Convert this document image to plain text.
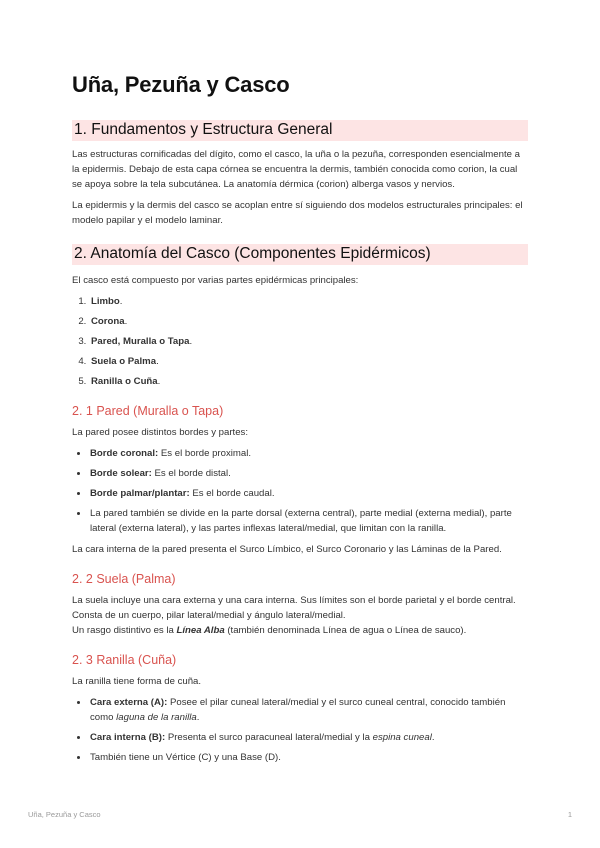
Uña, Pezuña y Casco
1. Fundamentos y Estructura General

Las estructuras cornificadas del dígito, como el casco, la uña o la pezuña, corresponden esencialmente a la epidermis. Debajo de esta capa córnea se encuentra la dermis, también conocida como corion, la cual se apoya sobre la tela subcutánea. La anatomía dérmica (corion) alberga vasos y nervios.

La epidermis y la dermis del casco se acoplan entre sí siguiendo dos modelos estructurales principales: el modelo papilar y el modelo laminar.

2. Anatomía del Casco (Componentes Epidérmicos)

El casco está compuesto por varias partes epidérmicas principales:

1. Limbo.
2. Corona.
3. Pared, Muralla o Tapa.
4. Suela o Palma.
5. Ranilla o Cuña.
2. 1 Pared (Muralla o Tapa)

La pared posee distintos bordes y partes:

• Borde coronal: Es el borde proximal.
• Borde solear: Es el borde distal.
• Borde palmar/plantar: Es el borde caudal.
• La pared también se divide en la parte dorsal (externa central), parte medial (externa medial), parte lateral (externa lateral), y las partes inflexas lateral/medial, que limitan con la ranilla.

La cara interna de la pared presenta el Surco Límbico, el Surco Coronario y las Láminas de la Pared.

2. 2 Suela (Palma)

La suela incluye una cara externa y una cara interna. Sus límites son el borde parietal y el borde central. Consta de un cuerpo, pilar lateral/medial y ángulo lateral/medial.
Un rasgo distintivo es la Línea Alba (también denominada Línea de agua o Línea de sauco).

2. 3 Ranilla (Cuña)

La ranilla tiene forma de cuña.

• Cara externa (A): Posee el pilar cuneal lateral/medial y el surco cuneal central, conocido también como laguna de la ranilla.
• Cara interna (B): Presenta el surco paracuneal lateral/medial y la espina cuneal.
• También tiene un Vértice (C) y una Base (D).
Uña, Pezuña y Casco	1
